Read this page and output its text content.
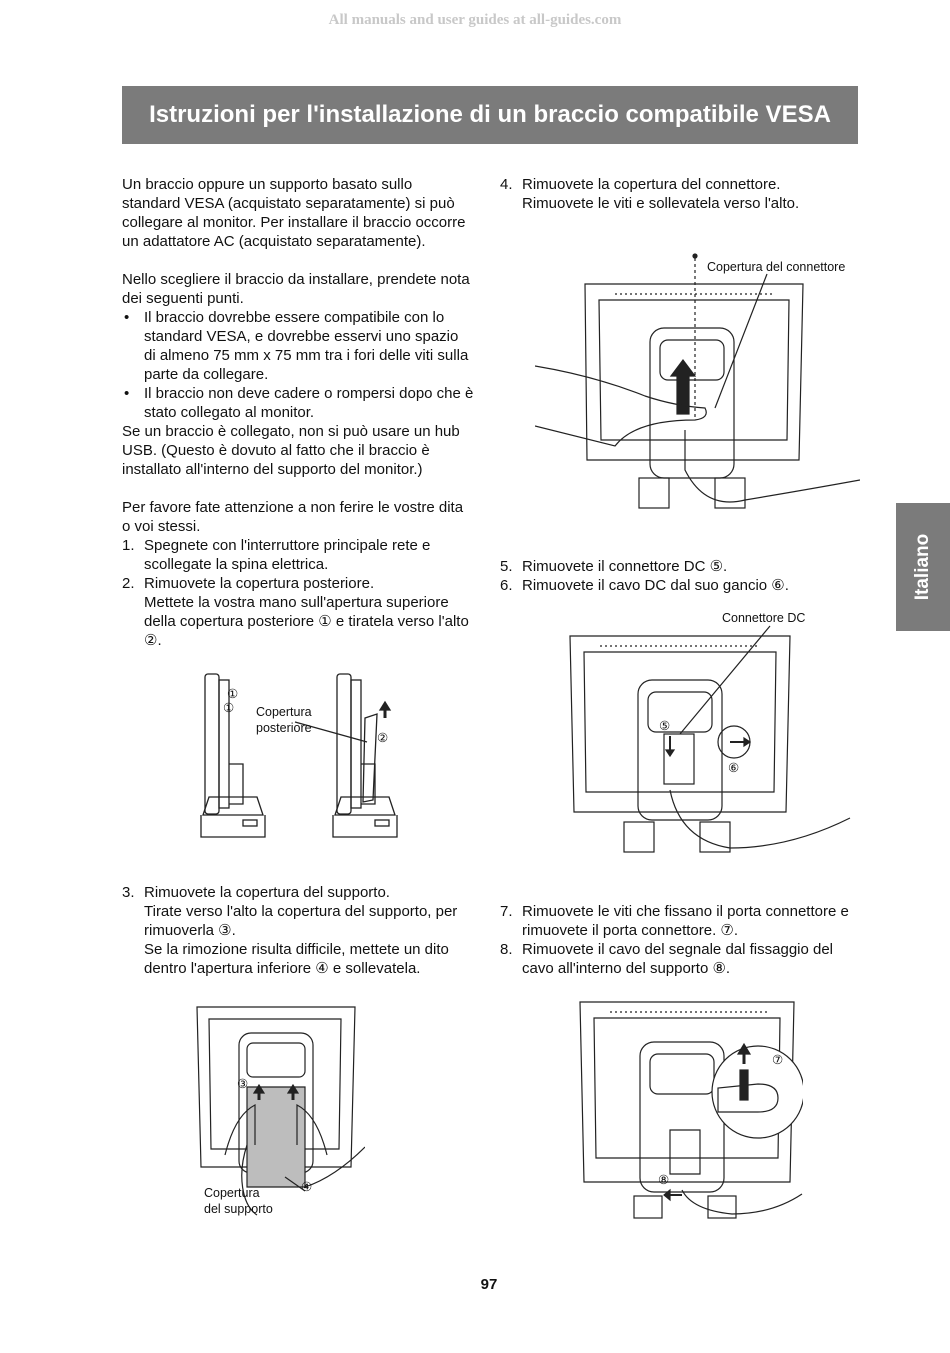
All manuals and user guides at all-guides.com
Istruzioni per l'installazione di un braccio compatibile VESA
Italiano

Un braccio oppure un supporto basato sullo
standard VESA (acquistato separatamente) si può
collegare al monitor. Per installare il braccio occorre
un adattatore AC (acquistato separatamente).

Nello scegliere il braccio da installare, prendete nota
dei seguenti punti.

• Il braccio dovrebbe essere compatibile con lo
standard VESA, e dovrebbe esservi uno spazio
di almeno 75 mm x 75 mm tra i fori delle viti sulla
parte da collegare.
• Il braccio non deve cadere o rompersi dopo che è
stato collegato al monitor.

Se un braccio è collegato, non si può usare un hub
USB. (Questo è dovuto al fatto che il braccio è
installato all'interno del supporto del monitor.)

Per favore fate attenzione a non ferire le vostre dita
o voi stessi.

1. Spegnete con l'interruttore principale rete e
scollegate la spina elettrica.
2. Rimuovete la copertura posteriore.
Mettete la vostra mano sull'apertura superiore
della copertura posteriore ① e tiratela verso l'alto
②.
3. Rimuovete la copertura del supporto.
Tirate verso l'alto la copertura del supporto, per
rimuoverla ③.
Se la rimozione risulta difficile, mettete un dito
dentro l'apertura inferiore ④ e sollevatela.
4. Rimuovete la copertura del connettore.
Rimuovete le viti e sollevatela verso l'alto.
5. Rimuovete il connettore DC ⑤.
6. Rimuovete il cavo DC dal suo gancio ⑥.
7. Rimuovete le viti che fissano il porta connettore e
rimuovete il porta connettore. ⑦.
8. Rimuovete il cavo del segnale dal fissaggio del
cavo all'interno del supporto ⑧.
①
① Copertura
posteriore
②
③
④
Copertura
del supporto
Copertura del connettore
Connettore DC
⑤
⑥
⑦
⑧
97
